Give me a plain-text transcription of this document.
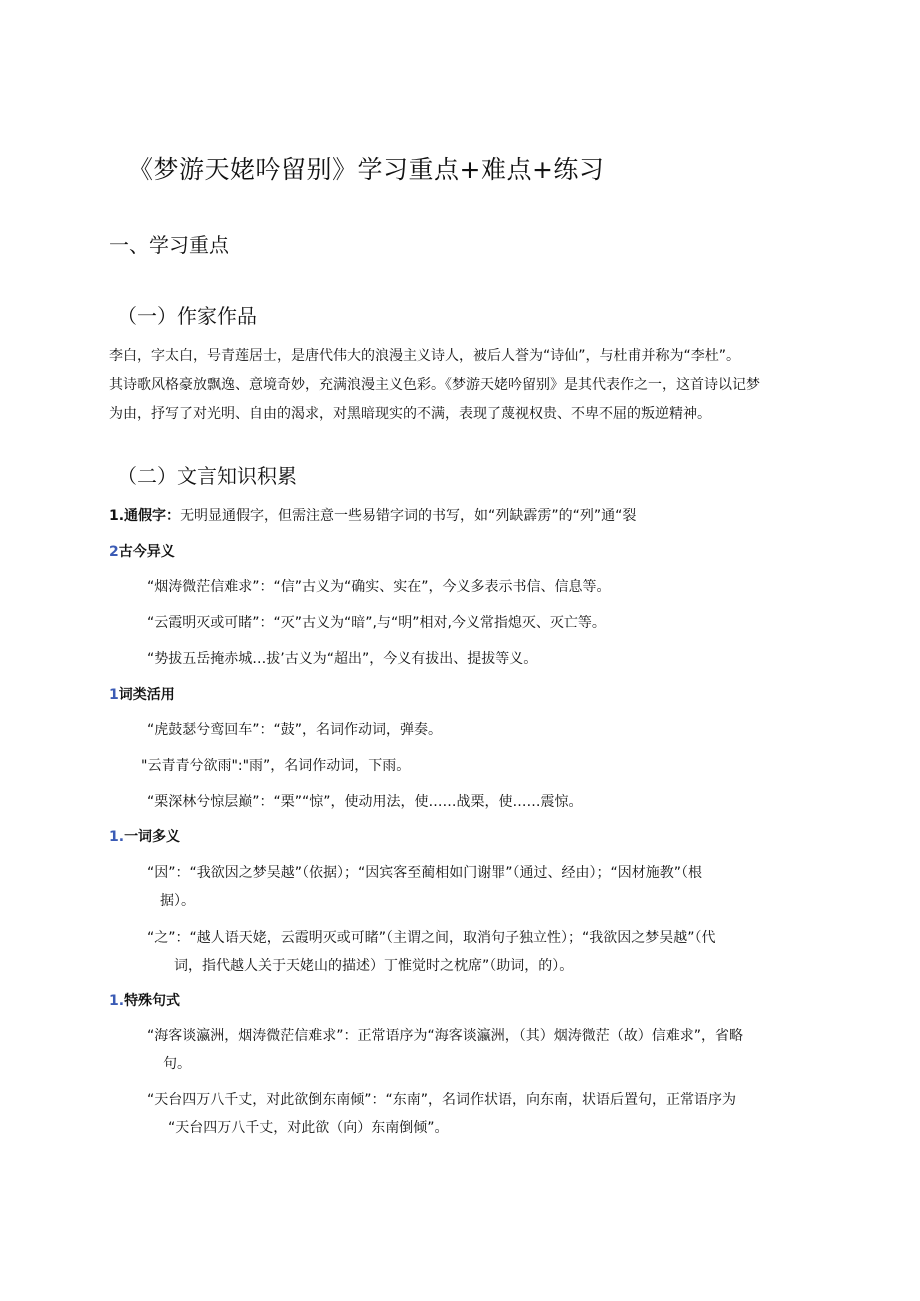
《梦游天姥吟留别》学习重点+难点+练习
一、学习重点
（一）作家作品
李白，字太白，号青莲居士，是唐代伟大的浪漫主义诗人，被后人誉为“诗仙”，与杜甫并称为“李杜”。
其诗歌风格豪放飘逸、意境奇妙，充满浪漫主义色彩。《梦游天姥吟留别》是其代表作之一，这首诗以记梦
为由，抒写了对光明、自由的渴求，对黑暗现实的不满，表现了蔑视权贵、不卑不屈的叛逆精神。
（二）文言知识积累
1.通假字：无明显通假字，但需注意一些易错字词的书写，如“列缺霹雳”的“列”通“裂
2古今异义
“烟涛微茫信难求”：“信”古义为“确实、实在”，今义多表示书信、信息等。
“云霞明灭或可睹”：“灭”古义为“暗”,与“明”相对,今义常指熄灭、灭亡等。
“势拔五岳掩赤城…拔’古义为“超出”，今义有拔出、提拔等义。
1词类活用
“虎鼓瑟兮鸾回车”：“鼓”，名词作动词，弹奏。
"云青青兮欲雨":"雨”，名词作动词，下雨。
“栗深林兮惊层巅”：“栗”“惊”，使动用法，使……战栗，使……震惊。
1.一词多义
“因”：“我欲因之梦吴越”（依据）；“因宾客至蔺相如门谢罪”（通过、经由）；“因材施教”（根
据）。
“之”：“越人语天姥，云霞明灭或可睹”（主谓之间，取消句子独立性）；“我欲因之梦吴越”（代
词，指代越人关于天姥山的描述）丁惟觉时之枕席”（助词，的）。
1.特殊句式
“海客谈瀛洲，烟涛微茫信难求”：正常语序为“海客谈瀛洲，（其）烟涛微茫（故）信难求”，省略
句。
“天台四万八千丈，对此欲倒东南倾”：“东南”，名词作状语，向东南，状语后置句，正常语序为
“天台四万八千丈，对此欲（向）东南倒倾”。
